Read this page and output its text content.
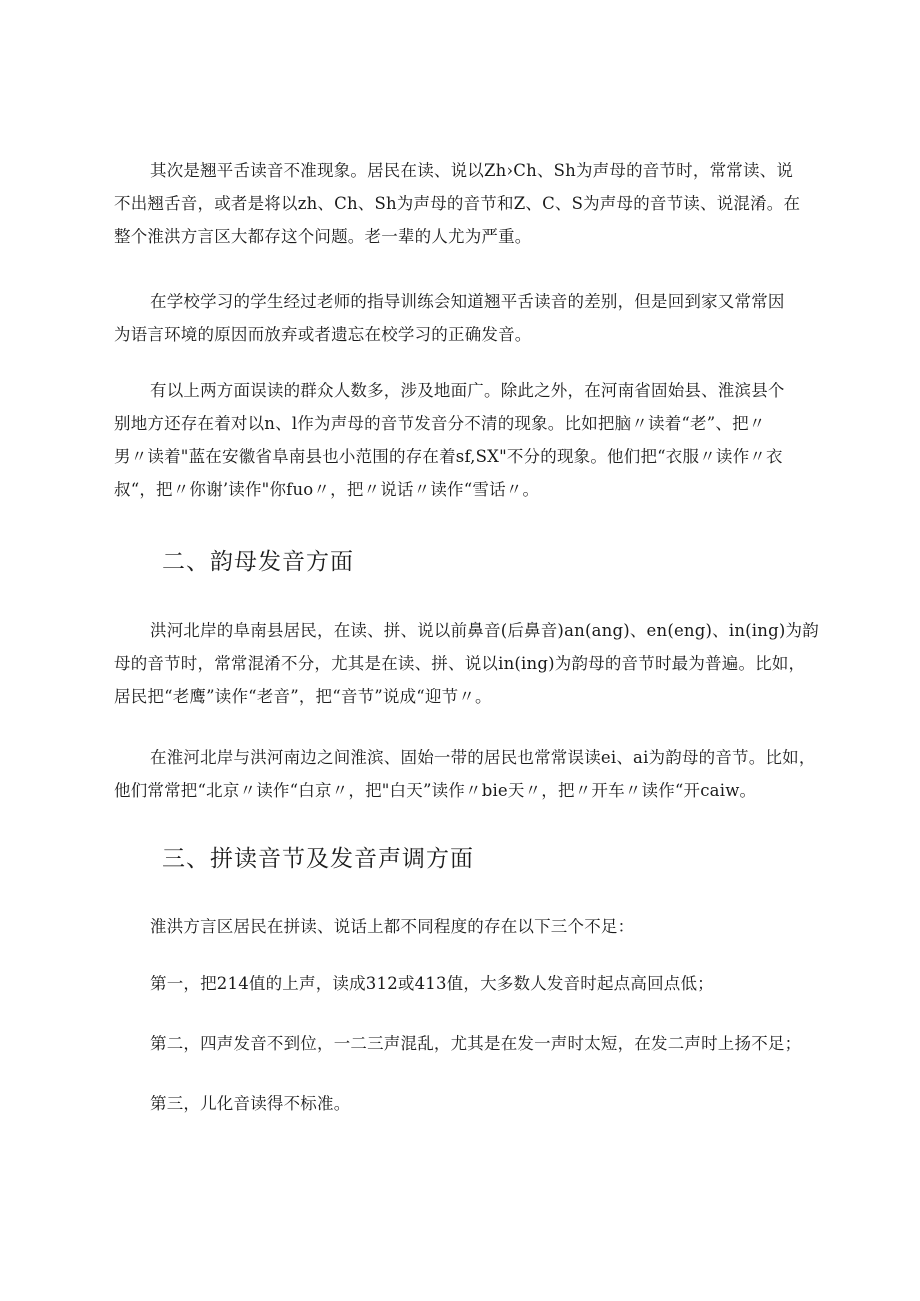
其次是翘平舌读音不准现象。居民在读、说以Zh›Ch、Sh为声母的音节时，常常读、说
不出翘舌音，或者是将以zh、Ch、Sh为声母的音节和Z、C、S为声母的音节读、说混淆。在
整个淮洪方言区大都存这个问题。老一辈的人尤为严重。

在学校学习的学生经过老师的指导训练会知道翘平舌读音的差别，但是回到家又常常因
为语言环境的原因而放弃或者遗忘在校学习的正确发音。

有以上两方面误读的群众人数多，涉及地面广。除此之外，在河南省固始县、淮滨县个
别地方还存在着对以n、l作为声母的音节发音分不清的现象。比如把脑〃读着“老”、把〃
男〃读着"蓝在安徽省阜南县也小范围的存在着sf,SX"不分的现象。他们把“衣服〃读作〃衣
叔“，把〃你谢’读作"你fuo〃，把〃说话〃读作“雪话〃。

二、韵母发音方面

洪河北岸的阜南县居民，在读、拼、说以前鼻音(后鼻音)an(ang)、en(eng)、in(ing)为韵
母的音节时，常常混淆不分，尤其是在读、拼、说以in(ing)为韵母的音节时最为普遍。比如，
居民把“老鹰”读作“老音”，把“音节”说成“迎节〃。

在淮河北岸与洪河南边之间淮滨、固始一带的居民也常常误读ei、ai为韵母的音节。比如，
他们常常把“北京〃读作“白京〃，把"白天”读作〃bie天〃，把〃开车〃读作“开caiw。

三、拼读音节及发音声调方面

淮洪方言区居民在拼读、说话上都不同程度的存在以下三个不足：

第一，把214值的上声，读成312或413值，大多数人发音时起点高回点低；

第二，四声发音不到位，一二三声混乱，尤其是在发一声时太短，在发二声时上扬不足；

第三，儿化音读得不标准。
